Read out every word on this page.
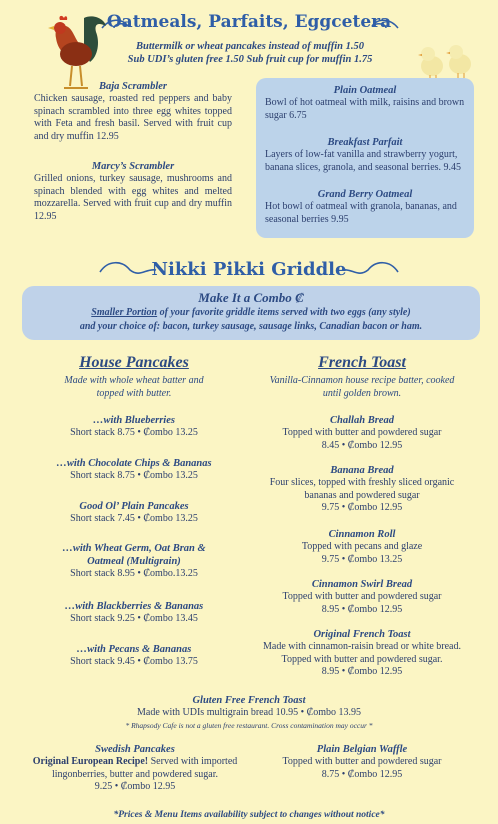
Oatmeals, Parfaits, Eggcetera
Buttermilk or wheat pancakes instead of muffin 1.50
Sub UDI’s gluten free 1.50 Sub fruit cup for muffin 1.75
Baja Scrambler
Chicken sausage, roasted red peppers and baby spinach scrambled into three egg whites topped with Feta and fresh basil. Served with fruit cup and dry muffin 12.95
Marcy’s Scrambler
Grilled onions, turkey sausage, mushrooms and spinach blended with egg whites and melted mozzarella. Served with fruit cup and dry muffin 12.95
Plain Oatmeal
Bowl of hot oatmeal with milk, raisins and brown sugar 6.75
Breakfast Parfait
Layers of low-fat vanilla and strawberry yogurt, banana slices, granola, and seasonal berries. 9.45
Grand Berry Oatmeal
Hot bowl of oatmeal with granola, bananas, and seasonal berries 9.95
Nikki Pikki Griddle
Make It a Combo ₡
Smaller Portion of your favorite griddle items served with two eggs (any style)
and your choice of: bacon, turkey sausage, sausage links, Canadian bacon or ham.
House Pancakes
Made with whole wheat batter and topped with butter.
French Toast
Vanilla-Cinnamon house recipe batter, cooked until golden brown.
…with Blueberries
Short stack 8.75 • ₡ombo 13.25
…with Chocolate Chips & Bananas
Short stack 8.75 • ₡ombo 13.25
Good Ol’ Plain Pancakes
Short stack 7.45 • ₡ombo 13.25
…with Wheat Germ, Oat Bran & Oatmeal (Multigrain)
Short stack 8.95 • ₡ombo.13.25
…with Blackberries & Bananas
Short stack 9.25 • ₡ombo 13.45
…with Pecans & Bananas
Short stack 9.45 • ₡ombo 13.75
Challah Bread
Topped with butter and powdered sugar
8.45 • ₡ombo 12.95
Banana Bread
Four slices, topped with freshly sliced organic bananas and powdered sugar
9.75 • ₡ombo 12.95
Cinnamon Roll
Topped with pecans and glaze
9.75 • ₡ombo 13.25
Cinnamon Swirl Bread
Topped with butter and powdered sugar
8.95 • ₡ombo 12.95
Original French Toast
Made with cinnamon-raisin bread or white bread. Topped with butter and powdered sugar.
8.95 • ₡ombo 12.95
Gluten Free French Toast
Made with UDIs multigrain bread 10.95 • ₡ombo 13.95
* Rhapsody Cafe is not a gluten free restaurant. Cross contamination may occur *
Swedish Pancakes
Original European Recipe! Served with imported lingonberries, butter and powdered sugar.
9.25 • ₡ombo 12.95
Plain Belgian Waffle
Topped with butter and powdered sugar
8.75 • ₡ombo 12.95
*Prices & Menu Items availability subject to changes without notice*
